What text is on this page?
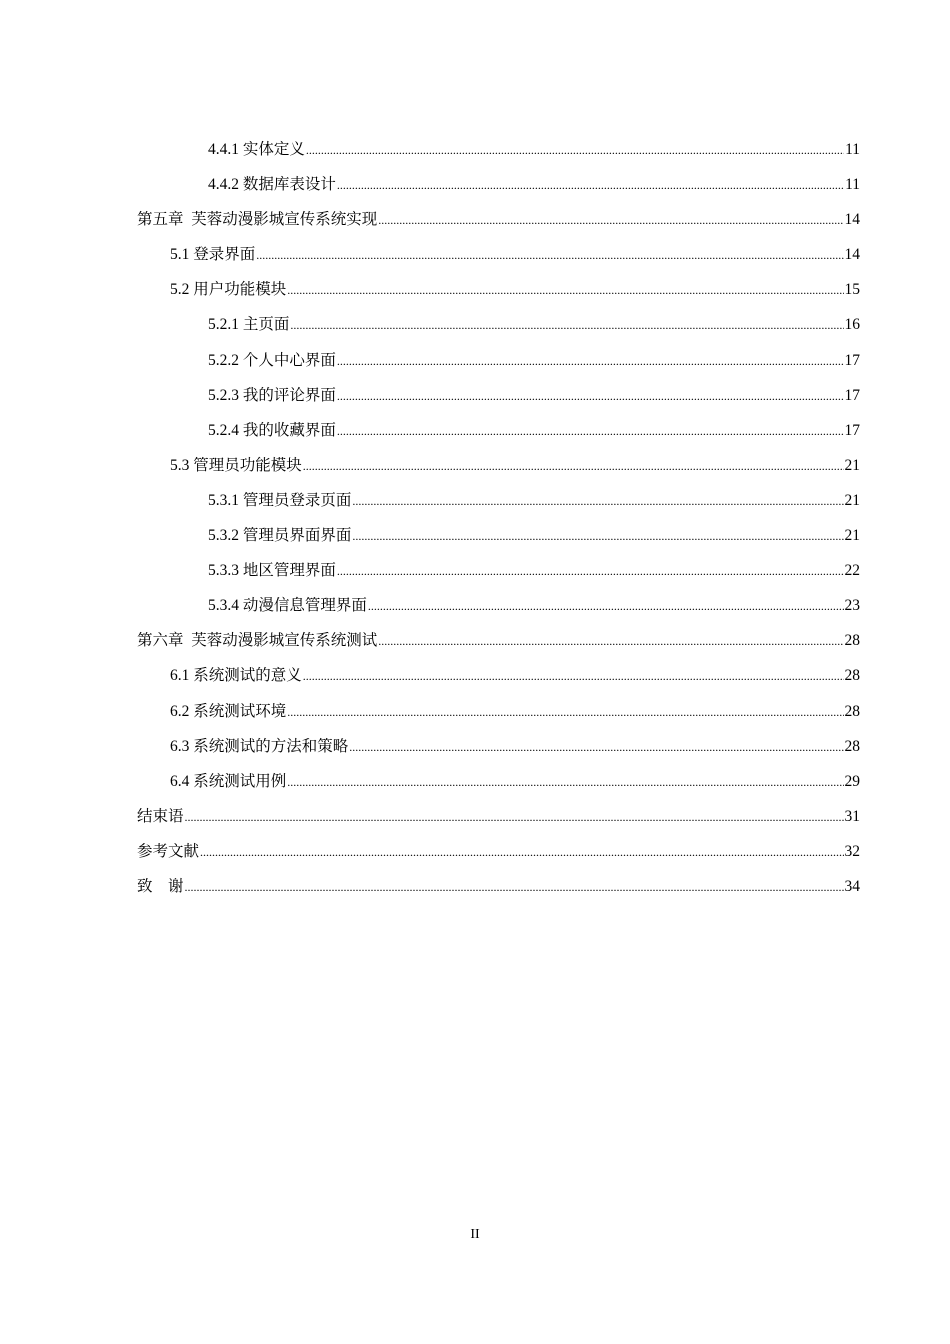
4.4.1 实体定义 .....	11
4.4.2 数据库表设计 .....	11
第五章  芙蓉动漫影城宣传系统实现 .....	14
5.1 登录界面 .....	14
5.2 用户功能模块 .....	15
5.2.1 主页面 .....	16
5.2.2 个人中心界面 .....	17
5.2.3 我的评论界面 .....	17
5.2.4 我的收藏界面 .....	17
5.3 管理员功能模块 .....	21
5.3.1 管理员登录页面 .....	21
5.3.2 管理员界面界面 .....	21
5.3.3 地区管理界面 .....	22
5.3.4 动漫信息管理界面 .....	23
第六章  芙蓉动漫影城宣传系统测试 .....	28
6.1 系统测试的意义 .....	28
6.2 系统测试环境 .....	28
6.3 系统测试的方法和策略 .....	28
6.4 系统测试用例 .....	29
结束语 .....	31
参考文献 .....	32
致    谢 .....	34
II
